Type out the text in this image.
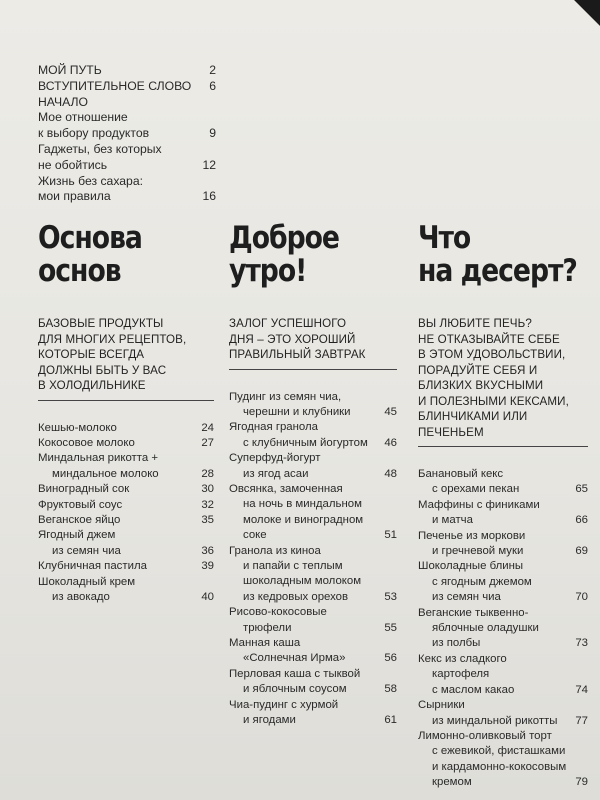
МОЙ ПУТЬ	2
ВСТУПИТЕЛЬНОЕ СЛОВО	6
НАЧАЛО
Мое отношение
к выбору продуктов	9
Гаджеты, без которых
не обойтись	12
Жизнь без сахара:
мои правила	16
Основа
основ
БАЗОВЫЕ ПРОДУКТЫ
ДЛЯ МНОГИХ РЕЦЕПТОВ,
КОТОРЫЕ ВСЕГДА
ДОЛЖНЫ БЫТЬ У ВАС
В ХОЛОДИЛЬНИКЕ
Кешью-молоко	24
Кокосовое молоко	27
Миндальная рикотта +
миндальное молоко	28
Виноградный сок	30
Фруктовый соус	32
Веганское яйцо	35
Ягодный джем
из семян чиа	36
Клубничная пастила	39
Шоколадный крем
из авокадо	40
Доброе
утро!
ЗАЛОГ УСПЕШНОГО
ДНЯ – ЭТО ХОРОШИЙ
ПРАВИЛЬНЫЙ ЗАВТРАК
Пудинг из семян чиа,
черешни и клубники	45
Ягодная гранола
с клубничным йогуртом	46
Суперфуд-йогурт
из ягод асаи	48
Овсянка, замоченная
на ночь в миндальном
молоке и виноградном
соке	51
Гранола из киноа
и папайи с теплым
шоколадным молоком
из кедровых орехов	53
Рисово-кокосовые
трюфели	55
Манная каша
«Солнечная Ирма»	56
Перловая каша с тыквой
и яблочным соусом	58
Чиа-пудинг с хурмой
и ягодами	61
Что
на десерт?
ВЫ ЛЮБИТЕ ПЕЧЬ?
НЕ ОТКАЗЫВАЙТЕ СЕБЕ
В ЭТОМ УДОВОЛЬСТВИИ,
ПОРАДУЙТЕ СЕБЯ И
БЛИЗКИХ ВКУСНЫМИ
И ПОЛЕЗНЫМИ КЕКСАМИ,
БЛИНЧИКАМИ ИЛИ
ПЕЧЕНЬЕМ
Банановый кекс
с орехами пекан	65
Маффины с финиками
и матча	66
Печенье из моркови
и гречневой муки	69
Шоколадные блины
с ягодным джемом
из семян чиа	70
Веганские тыквенно-
яблочные оладушки
из полбы	73
Кекс из сладкого
картофеля
с маслом какао	74
Сырники
из миндальной рикотты	77
Лимонно-оливковый торт
с ежевикой, фисташками
и кардамонно-кокосовым
кремом	79
